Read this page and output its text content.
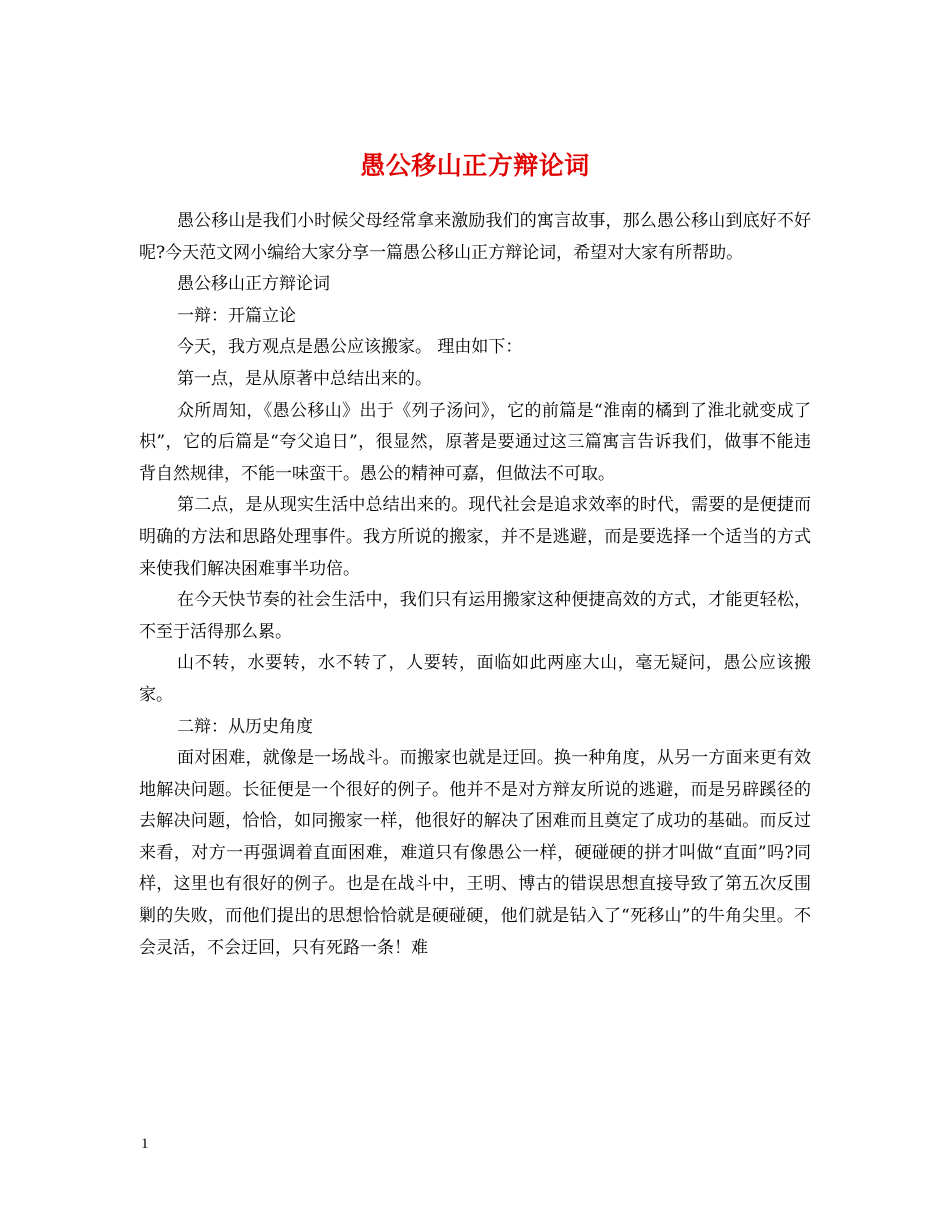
愚公移山正方辩论词

愚公移山是我们小时候父母经常拿来激励我们的寓言故事，那么愚公移山到底好不好呢?今天范文网小编给大家分享一篇愚公移山正方辩论词，希望对大家有所帮助。

愚公移山正方辩论词

一辩：开篇立论

今天，我方观点是愚公应该搬家。 理由如下：

第一点，是从原著中总结出来的。

众所周知，《愚公移山》出于《列子汤问》，它的前篇是“淮南的橘到了淮北就变成了枳”，它的后篇是“夸父追日”，很显然，原著是要通过这三篇寓言告诉我们，做事不能违背自然规律，不能一味蛮干。愚公的精神可嘉，但做法不可取。

第二点，是从现实生活中总结出来的。现代社会是追求效率的时代，需要的是便捷而明确的方法和思路处理事件。我方所说的搬家，并不是逃避，而是要选择一个适当的方式来使我们解决困难事半功倍。

在今天快节奏的社会生活中，我们只有运用搬家这种便捷高效的方式，才能更轻松，不至于活得那么累。

山不转，水要转，水不转了，人要转，面临如此两座大山，毫无疑问，愚公应该搬家。

二辩：从历史角度

面对困难，就像是一场战斗。而搬家也就是迂回。换一种角度，从另一方面来更有效地解决问题。长征便是一个很好的例子。他并不是对方辩友所说的逃避，而是另辟蹊径的去解决问题，恰恰，如同搬家一样，他很好的解决了困难而且奠定了成功的基础。而反过来看，对方一再强调着直面困难，难道只有像愚公一样，硬碰硬的拼才叫做“直面”吗?同样，这里也有很好的例子。也是在战斗中，王明、博古的错误思想直接导致了第五次反围剿的失败，而他们提出的思想恰恰就是硬碰硬，他们就是钻入了“死移山”的牛角尖里。不会灵活，不会迂回，只有死路一条！难

1
